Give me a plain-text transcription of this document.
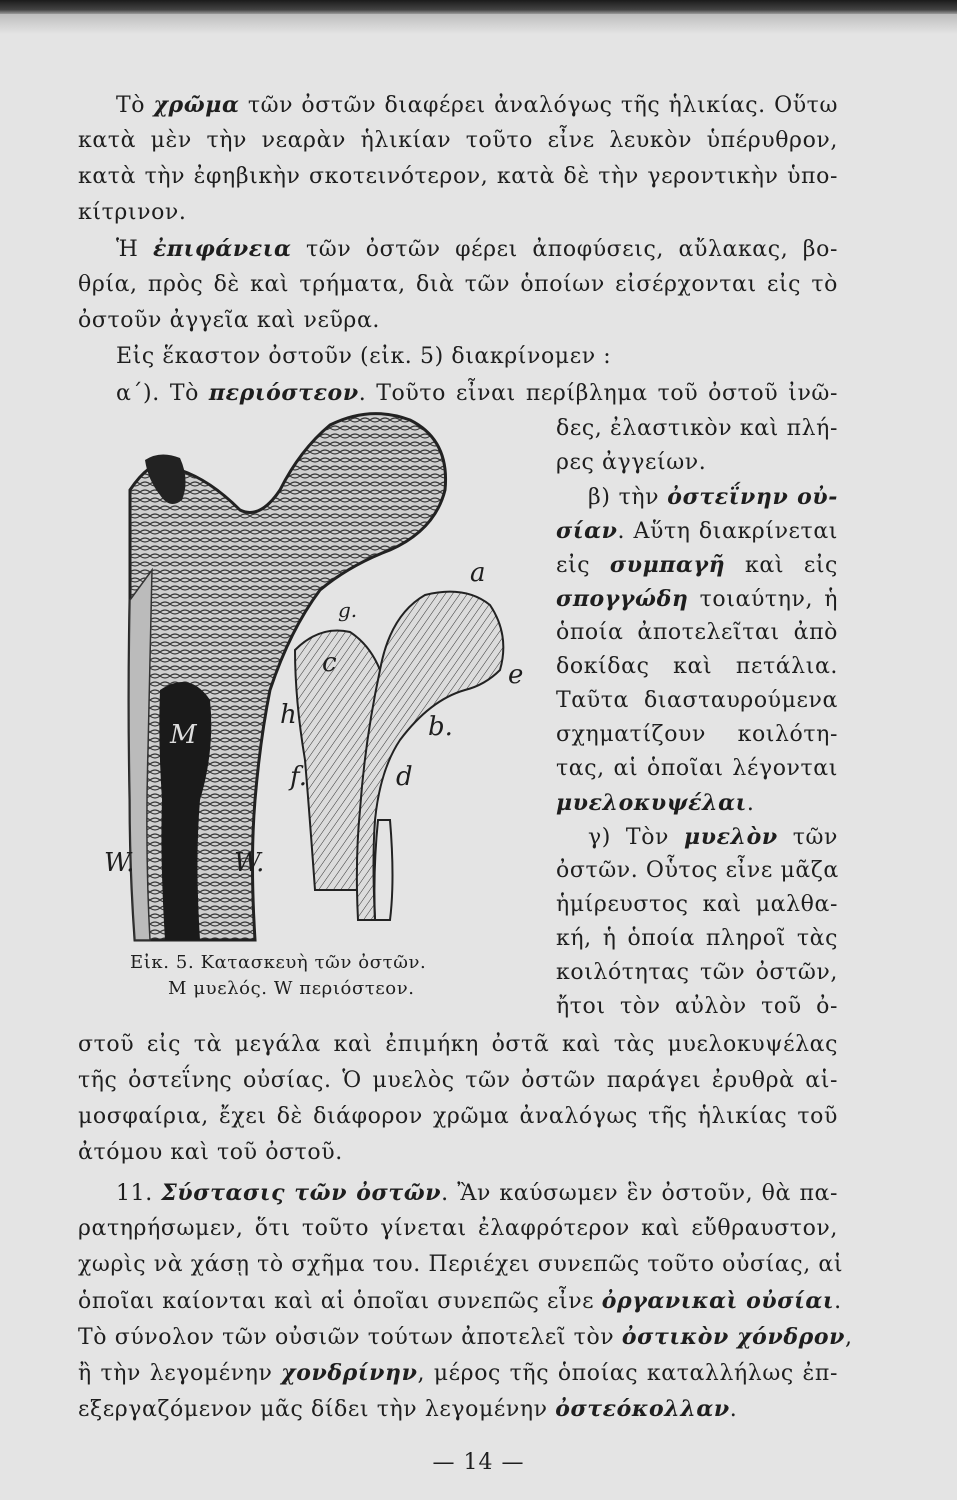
Τὸ χρῶμα τῶν ὀστῶν διαφέρει ἀναλόγως τῆς ἡλικίας. Οὕτω
κατὰ μὲν τὴν νεαρὰν ἡλικίαν τοῦτο εἶνε λευκὸν ὑπέρυθρον,
κατὰ τὴν ἐφηβικὴν σκοτεινότερον, κατὰ δὲ τὴν γεροντικὴν ὑπο-
κίτρινον.
Ἡ ἐπιφάνεια τῶν ὀστῶν φέρει ἀποφύσεις, αὔλακας, βο-
θρία, πρὸς δὲ καὶ τρήματα, διὰ τῶν ὁποίων εἰσέρχονται εἰς τὸ
ὀστοῦν ἀγγεῖα καὶ νεῦρα.
Εἰς ἕκαστον ὀστοῦν (εἰκ. 5) διακρίνομεν :
α΄). Τὸ περιόστεον. Τοῦτο εἶναι περίβλημα τοῦ ὀστοῦ ἰνῶ-
δες, ἐλαστικὸν καὶ πλή-
ρες ἀγγείων.
β) τὴν ὀστεΐνην οὐ-
σίαν. Αὕτη διακρίνεται
εἰς συμπαγῆ καὶ εἰς
σπογγώδη τοιαύτην, ἡ
ὁποία ἀποτελεῖται ἀπὸ
δοκίδας καὶ πετάλια.
Ταῦτα διασταυρούμενα
σχηματίζουν κοιλότη-
τας, αἱ ὁποῖαι λέγονται
μυελοκυψέλαι.
γ) Τὸν μυελὸν τῶν
ὀστῶν. Οὗτος εἶνε μᾶζα
ἡμίρευστος καὶ μαλθα-
κή, ἡ ὁποία πληροῖ τὰς
κοιλότητας τῶν ὀστῶν,
ἤτοι τὸν αὐλὸν τοῦ ὀ-
a
g.
c	e
h	b.
M
f.	d
W.	W.
Εἰκ. 5. Κατασκευὴ τῶν ὀστῶν.
Μ μυελός. W περιόστεον.
στοῦ εἰς τὰ μεγάλα καὶ ἐπιμήκη ὀστᾶ καὶ τὰς μυελοκυψέλας
τῆς ὀστεΐνης οὐσίας. Ὁ μυελὸς τῶν ὀστῶν παράγει ἐρυθρὰ αἱ-
μοσφαίρια, ἔχει δὲ διάφορον χρῶμα ἀναλόγως τῆς ἡλικίας τοῦ
ἀτόμου καὶ τοῦ ὀστοῦ.
11. Σύστασις τῶν ὀστῶν. Ἂν καύσωμεν ἓν ὀστοῦν, θὰ πα-
ρατηρήσωμεν, ὅτι τοῦτο γίνεται ἐλαφρότερον καὶ εὔθραυστον,
χωρὶς νὰ χάσῃ τὸ σχῆμα του. Περιέχει συνεπῶς τοῦτο οὐσίας, αἱ
ὁποῖαι καίονται καὶ αἱ ὁποῖαι συνεπῶς εἶνε ὀργανικαὶ οὐσίαι.
Τὸ σύνολον τῶν οὐσιῶν τούτων ἀποτελεῖ τὸν ὀστικὸν χόνδρον,
ἢ τὴν λεγομένην χονδρίνην, μέρος τῆς ὁποίας καταλλήλως ἐπ-
εξεργαζόμενον μᾶς δίδει τὴν λεγομένην ὀστεόκολλαν.
— 14 —
